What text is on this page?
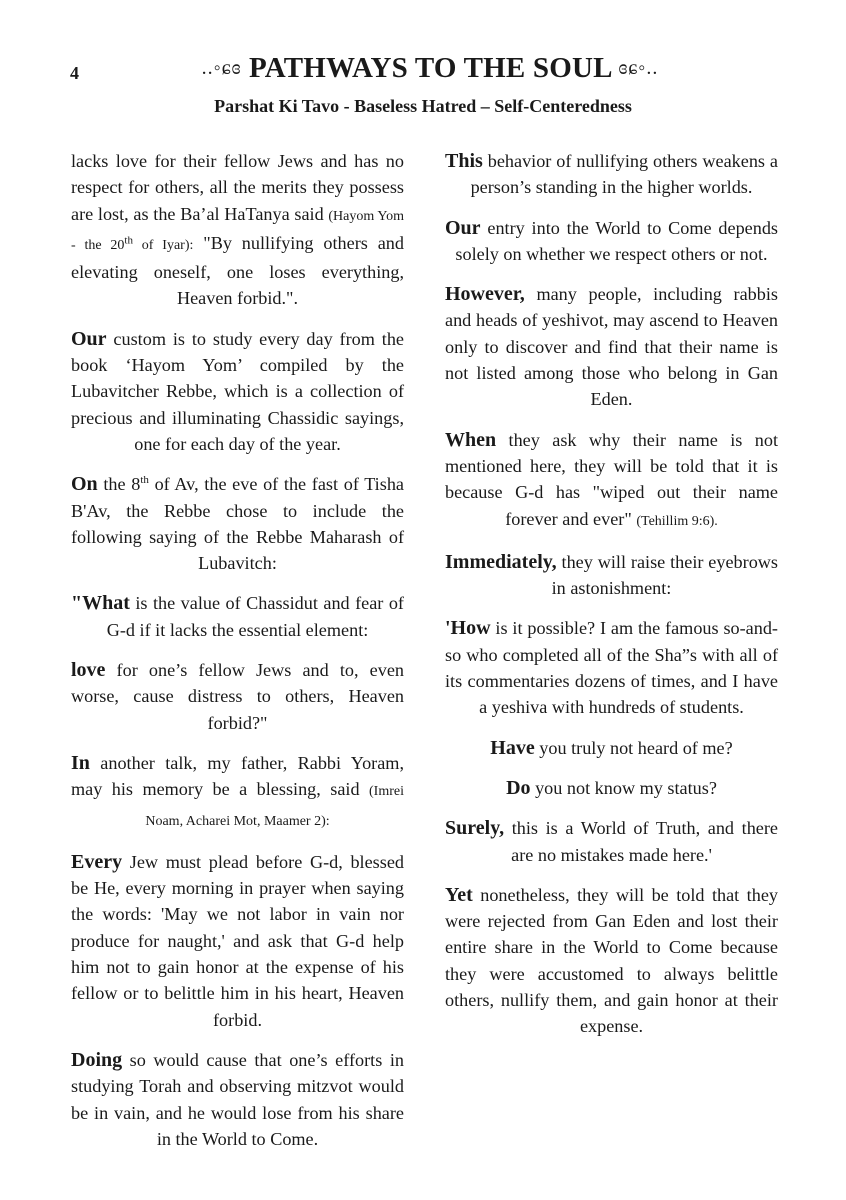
4	..◦ɕɞ PATHWAYS TO THE SOUL ɞɕ◦..
Parshat Ki Tavo - Baseless Hatred – Self-Centeredness

lacks love for their fellow Jews and has no respect for others, all the merits they possess are lost, as the Ba’al HaTanya said (Hayom Yom - the 20th of Iyar): "By nullifying others and elevating oneself, one loses everything, Heaven forbid.".

Our custom is to study every day from the book ‘Hayom Yom’ compiled by the Lubavitcher Rebbe, which is a collection of precious and illuminating Chassidic sayings, one for each day of the year.

On the 8th of Av, the eve of the fast of Tisha B'Av, the Rebbe chose to include the following saying of the Rebbe Maharash of Lubavitch:

"What is the value of Chassidut and fear of G-d if it lacks the essential element:

love for one’s fellow Jews and to, even worse, cause distress to others, Heaven forbid?"

In another talk, my father, Rabbi Yoram, may his memory be a blessing, said (Imrei Noam, Acharei Mot, Maamer 2):

Every Jew must plead before G-d, blessed be He, every morning in prayer when saying the words: 'May we not labor in vain nor produce for naught,' and ask that G-d help him not to gain honor at the expense of his fellow or to belittle him in his heart, Heaven forbid.

Doing so would cause that one’s efforts in studying Torah and observing mitzvot would be in vain, and he would lose from his share in the World to Come.

This behavior of nullifying others weakens a person’s standing in the higher worlds.

Our entry into the World to Come depends solely on whether we respect others or not.

However, many people, including rabbis and heads of yeshivot, may ascend to Heaven only to discover and find that their name is not listed among those who belong in Gan Eden.

When they ask why their name is not mentioned here, they will be told that it is because G-d has "wiped out their name forever and ever" (Tehillim 9:6).

Immediately, they will raise their eyebrows in astonishment:

'How is it possible? I am the famous so-and-so who completed all of the Sha”s with all of its commentaries dozens of times, and I have a yeshiva with hundreds of students.

Have you truly not heard of me?

Do you not know my status?

Surely, this is a World of Truth, and there are no mistakes made here.'

Yet nonetheless, they will be told that they were rejected from Gan Eden and lost their entire share in the World to Come because they were accustomed to always belittle others, nullify them, and gain honor at their expense.
